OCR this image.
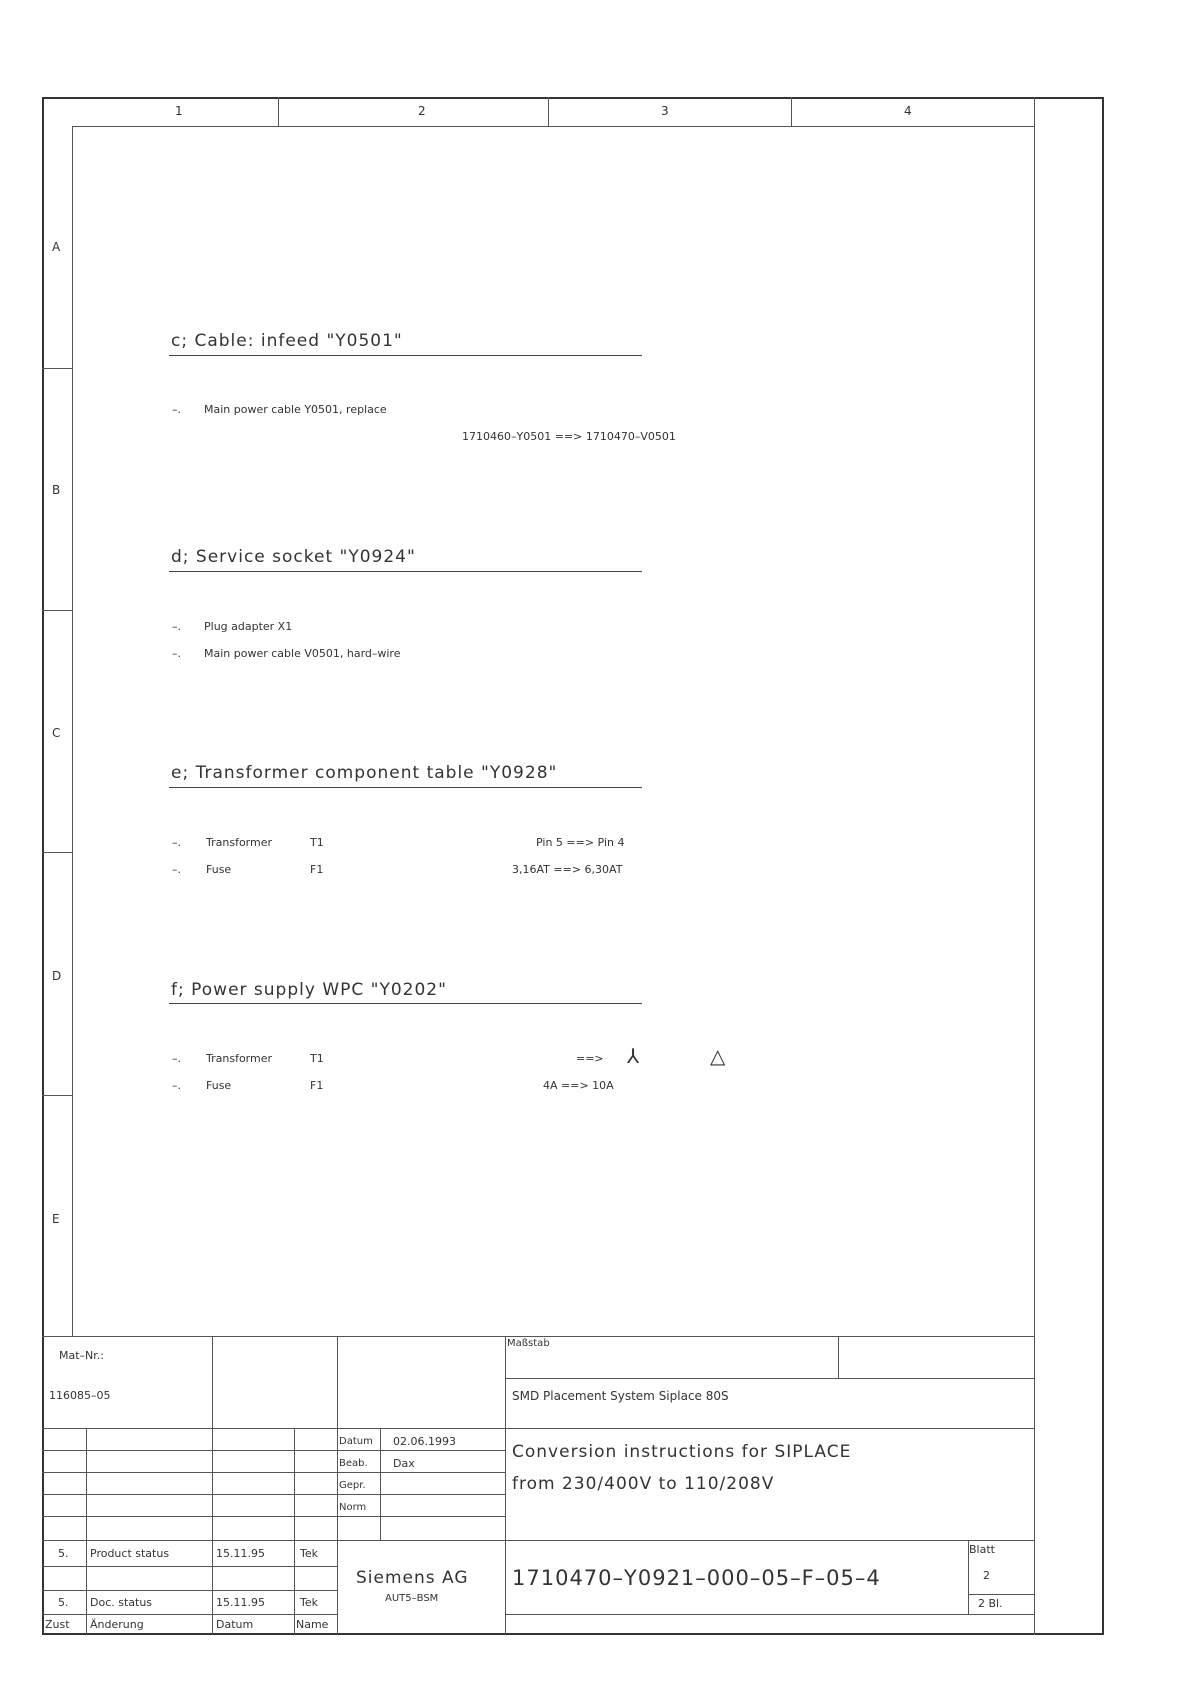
1	2	3	4
A
B
C
D
E
c; Cable: infeed "Y0501"
–. Main power cable Y0501, replace
1710460–Y0501 ==> 1710470–V0501
d; Service socket "Y0924"
–. Plug adapter X1
–. Main power cable V0501, hard–wire
e; Transformer component table "Y0928"
–. Transformer	T1	Pin 5 ==> Pin 4
–. Fuse	F1	3,16AT ==> 6,30AT
f; Power supply WPC "Y0202"
–. Transformer	T1	==> ⅄	△
–. Fuse	F1	4A ==> 10A
Mat–Nr.:
116085–05
Maßstab
SMD Placement System Siplace 80S
Conversion instructions for SIPLACE
from 230/400V to 110/208V
Datum 02.06.1993
Beab. Dax
Gepr.
Norm
Siemens AG
AUT5–BSM
1710470–Y0921–000–05–F–05–4
Blatt
2
2 Bl.
5. Product status	15.11.95	Tek
5. Doc. status	15.11.95	Tek
Zust Änderung	Datum	Name
